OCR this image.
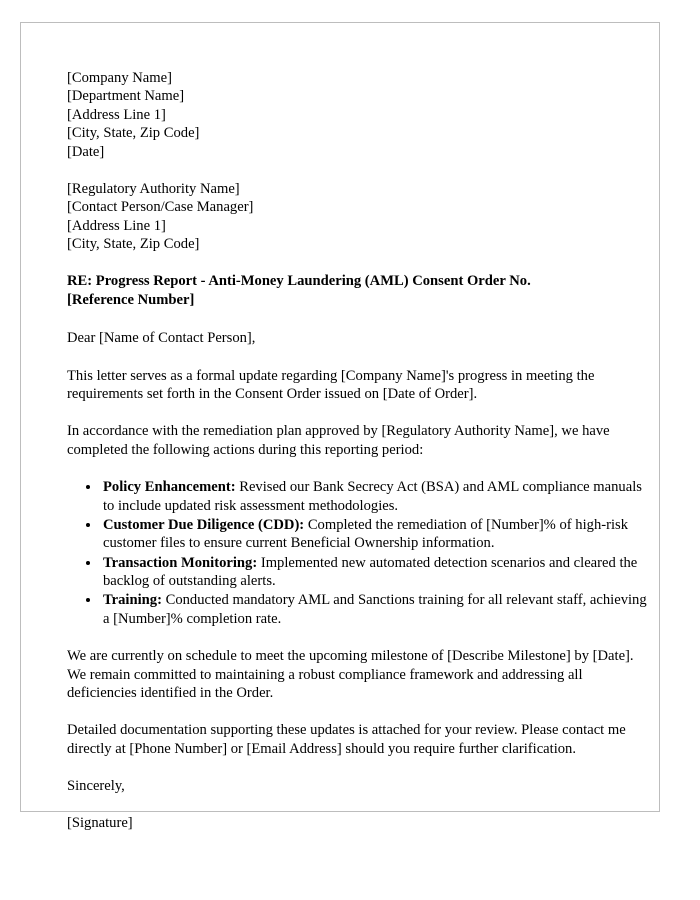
[Company Name]
[Department Name]
[Address Line 1]
[City, State, Zip Code]
[Date]
[Regulatory Authority Name]
[Contact Person/Case Manager]
[Address Line 1]
[City, State, Zip Code]
RE: Progress Report - Anti-Money Laundering (AML) Consent Order No.
[Reference Number]

Dear [Name of Contact Person],

This letter serves as a formal update regarding [Company Name]'s progress in meeting the requirements set forth in the Consent Order issued on [Date of Order].

In accordance with the remediation plan approved by [Regulatory Authority Name], we have completed the following actions during this reporting period:

• Policy Enhancement: Revised our Bank Secrecy Act (BSA) and AML compliance manuals to include updated risk assessment methodologies.
• Customer Due Diligence (CDD): Completed the remediation of [Number]% of high-risk customer files to ensure current Beneficial Ownership information.
• Transaction Monitoring: Implemented new automated detection scenarios and cleared the backlog of outstanding alerts.
• Training: Conducted mandatory AML and Sanctions training for all relevant staff, achieving a [Number]% completion rate.

We are currently on schedule to meet the upcoming milestone of [Describe Milestone] by [Date]. We remain committed to maintaining a robust compliance framework and addressing all deficiencies identified in the Order.

Detailed documentation supporting these updates is attached for your review. Please contact me directly at [Phone Number] or [Email Address] should you require further clarification.

Sincerely,

[Signature]
